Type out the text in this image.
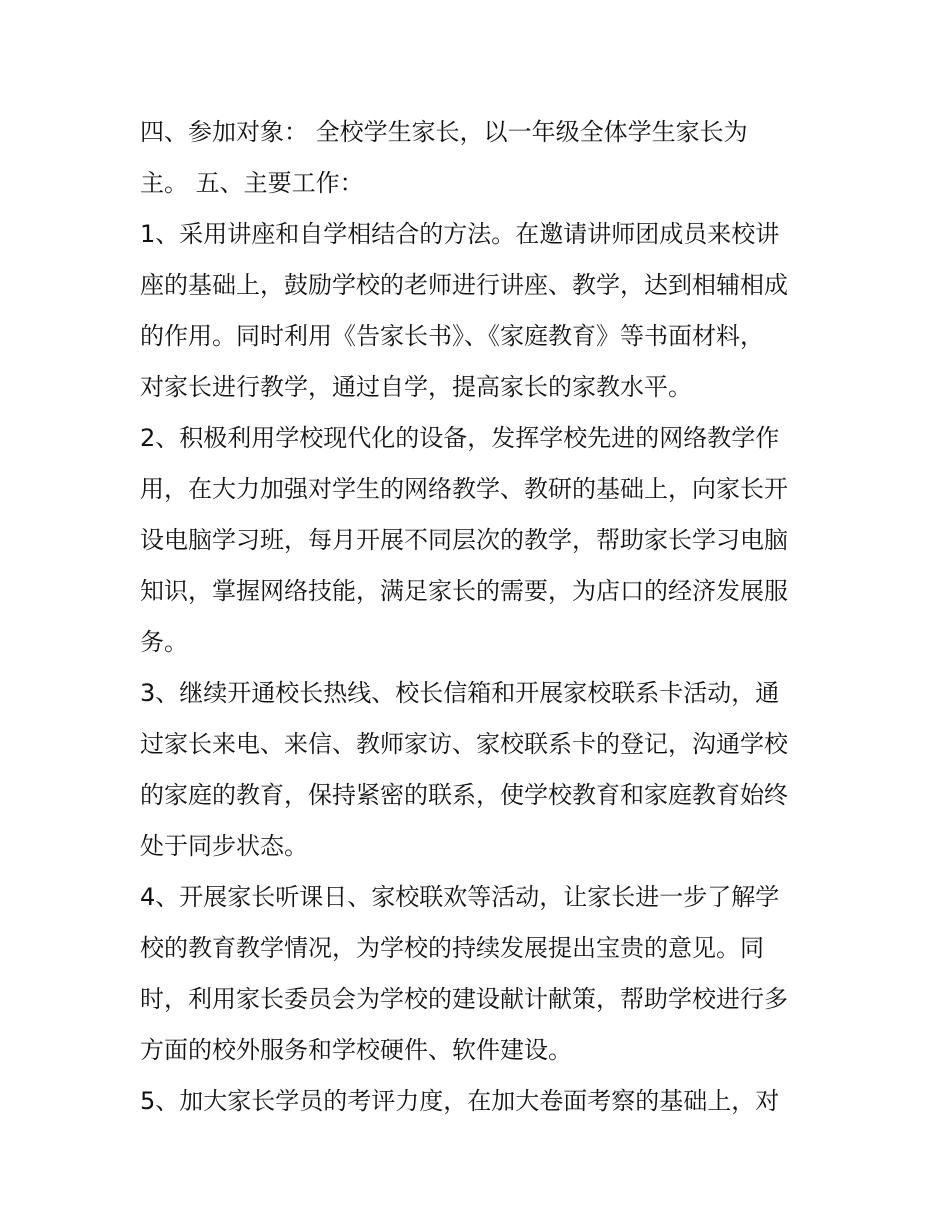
四、参加对象： 全校学生家长，以一年级全体学生家长为
主。 五、主要工作：

1、采用讲座和自学相结合的方法。在邀请讲师团成员来校讲
座的基础上，鼓励学校的老师进行讲座、教学，达到相辅相成
的作用。同时利用《告家长书》、《家庭教育》等书面材料，
对家长进行教学，通过自学，提高家长的家教水平。

2、积极利用学校现代化的设备，发挥学校先进的网络教学作
用，在大力加强对学生的网络教学、教研的基础上，向家长开
设电脑学习班，每月开展不同层次的教学，帮助家长学习电脑
知识，掌握网络技能，满足家长的需要，为店口的经济发展服
务。

3、继续开通校长热线、校长信箱和开展家校联系卡活动，通
过家长来电、来信、教师家访、家校联系卡的登记，沟通学校
的家庭的教育，保持紧密的联系，使学校教育和家庭教育始终
处于同步状态。

4、开展家长听课日、家校联欢等活动，让家长进一步了解学
校的教育教学情况，为学校的持续发展提出宝贵的意见。同
时，利用家长委员会为学校的建设献计献策，帮助学校进行多
方面的校外服务和学校硬件、软件建设。

5、加大家长学员的考评力度，在加大卷面考察的基础上，对
